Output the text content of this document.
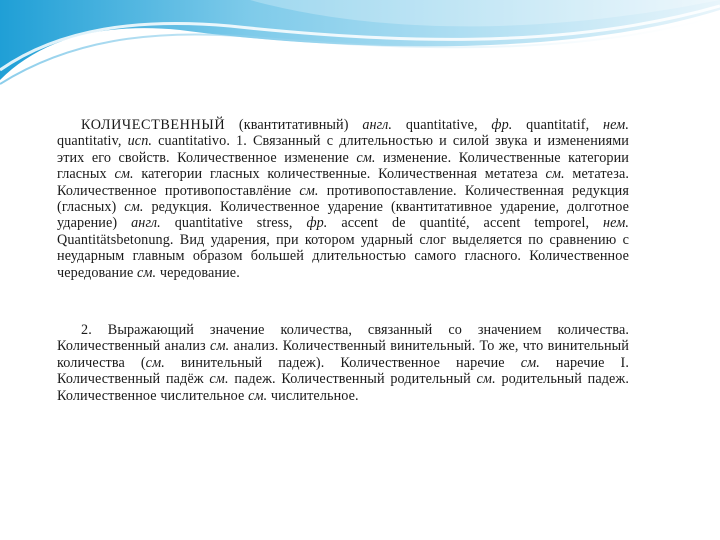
КОЛИЧЕСТВЕННЫЙ (квантитативный) англ. quantitative, фр. quantitatif, нем. quantitativ, исп. cuantitativo. 1. Связанный с длительностью и силой звука и изменениями этих его свойств. Количественное изменение см. изменение. Количественные категории гласных см. категории гласных количественные. Количественная метатеза см. метатеза. Количественное противопоставлёние см. противопоставление. Количественная редукция (гласных) см. редукция. Количественное ударение (квантитативное ударение, долготное ударение) англ. quantitative stress, фр. accent de quantité, accent temporel, нем. Quantitätsbetonung. Вид ударения, при котором ударный слог выделяется по сравнению с неударным главным образом большей длительностью самого гласного. Количественное чередование см. чередование.

2. Выражающий значение количества, связанный со значением количества. Количественный анализ см. анализ. Количественный винительный. То же, что винительный количества (см. винительный падеж). Количественное наречие см. наречие I. Количественный падёж см. падеж. Количественный родительный см. родительный падеж. Количественное числительное см. числительное.
